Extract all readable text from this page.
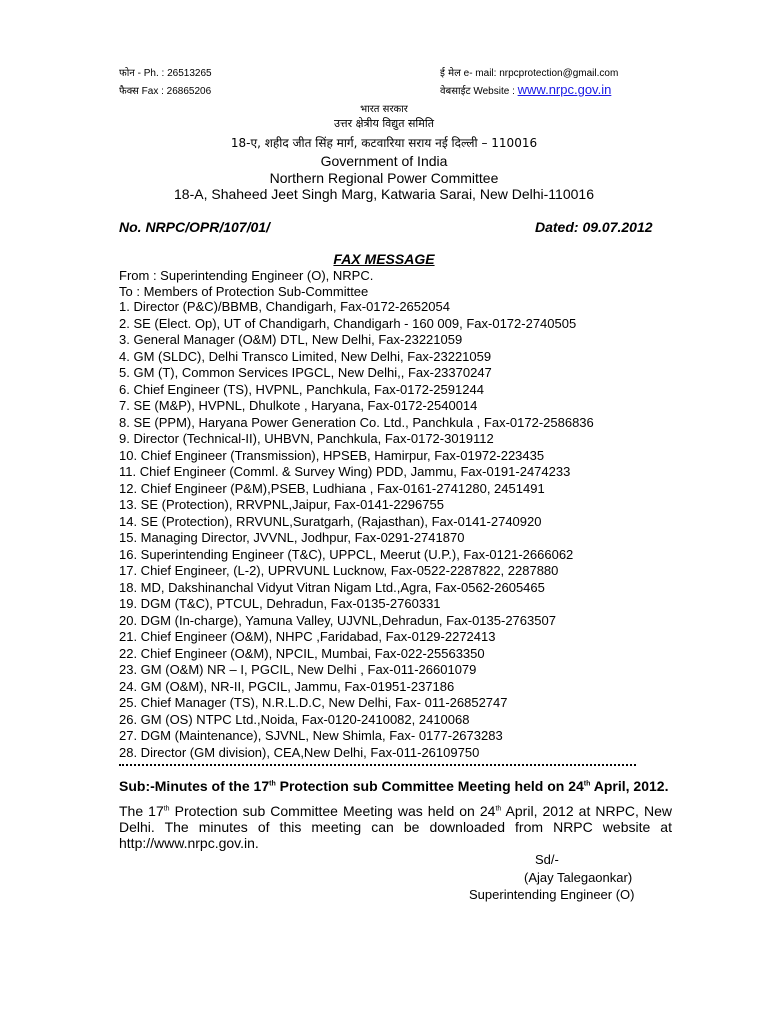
फोन - Ph. : 26513265	ई मेल e- mail: nrpcprotection@gmail.com
फैक्स Fax : 26865206	वेबसाईट Website : www.nrpc.gov.in
भारत सरकार
उत्तर क्षेत्रीय विद्युत समिति
18-ए, शहीद जीत सिंह मार्ग, कटवारिया सराय नई दिल्ली – 110016
Government of India
Northern Regional Power Committee
18-A, Shaheed Jeet Singh Marg, Katwaria Sarai, New Delhi-110016
No. NRPC/OPR/107/01/	Dated: 09.07.2012
FAX MESSAGE
From : Superintending Engineer (O), NRPC.
To : Members of Protection Sub-Committee
1. Director (P&C)/BBMB, Chandigarh, Fax-0172-2652054
2. SE (Elect. Op), UT of Chandigarh, Chandigarh - 160 009, Fax-0172-2740505
3. General Manager (O&M) DTL, New Delhi, Fax-23221059
4. GM (SLDC), Delhi Transco Limited, New Delhi, Fax-23221059
5. GM (T), Common Services IPGCL, New Delhi,, Fax-23370247
6. Chief Engineer (TS), HVPNL, Panchkula, Fax-0172-2591244
7. SE (M&P), HVPNL, Dhulkote , Haryana, Fax-0172-2540014
8. SE (PPM), Haryana Power Generation Co. Ltd., Panchkula , Fax-0172-2586836
9. Director (Technical-II), UHBVN, Panchkula, Fax-0172-3019112
10. Chief Engineer (Transmission), HPSEB, Hamirpur, Fax-01972-223435
11. Chief Engineer (Comml. & Survey Wing) PDD, Jammu, Fax-0191-2474233
12. Chief Engineer (P&M),PSEB, Ludhiana , Fax-0161-2741280, 2451491
13. SE (Protection), RRVPNL,Jaipur, Fax-0141-2296755
14. SE (Protection), RRVUNL,Suratgarh, (Rajasthan), Fax-0141-2740920
15. Managing Director, JVVNL, Jodhpur, Fax-0291-2741870
16. Superintending Engineer (T&C), UPPCL, Meerut (U.P.), Fax-0121-2666062
17. Chief Engineer, (L-2), UPRVUNL Lucknow, Fax-0522-2287822, 2287880
18. MD, Dakshinanchal Vidyut Vitran Nigam Ltd.,Agra, Fax-0562-2605465
19. DGM (T&C), PTCUL, Dehradun, Fax-0135-2760331
20. DGM (In-charge), Yamuna Valley, UJVNL,Dehradun, Fax-0135-2763507
21. Chief Engineer (O&M), NHPC ,Faridabad, Fax-0129-2272413
22. Chief Engineer (O&M), NPCIL, Mumbai, Fax-022-25563350
23. GM (O&M) NR – I, PGCIL, New Delhi , Fax-011-26601079
24. GM (O&M), NR-II, PGCIL, Jammu, Fax-01951-237186
25. Chief Manager (TS), N.R.L.D.C, New Delhi, Fax- 011-26852747
26. GM (OS) NTPC Ltd.,Noida, Fax-0120-2410082, 2410068
27. DGM (Maintenance), SJVNL, New Shimla, Fax- 0177-2673283
28. Director (GM division), CEA,New Delhi, Fax-011-26109750
Sub:-Minutes of the 17th Protection sub Committee Meeting held on 24th April, 2012.
The 17th Protection sub Committee Meeting was held on 24th April, 2012 at NRPC, New Delhi. The minutes of this meeting can be downloaded from NRPC website at http://www.nrpc.gov.in.
Sd/-
(Ajay Talegaonkar)
Superintending Engineer (O)
